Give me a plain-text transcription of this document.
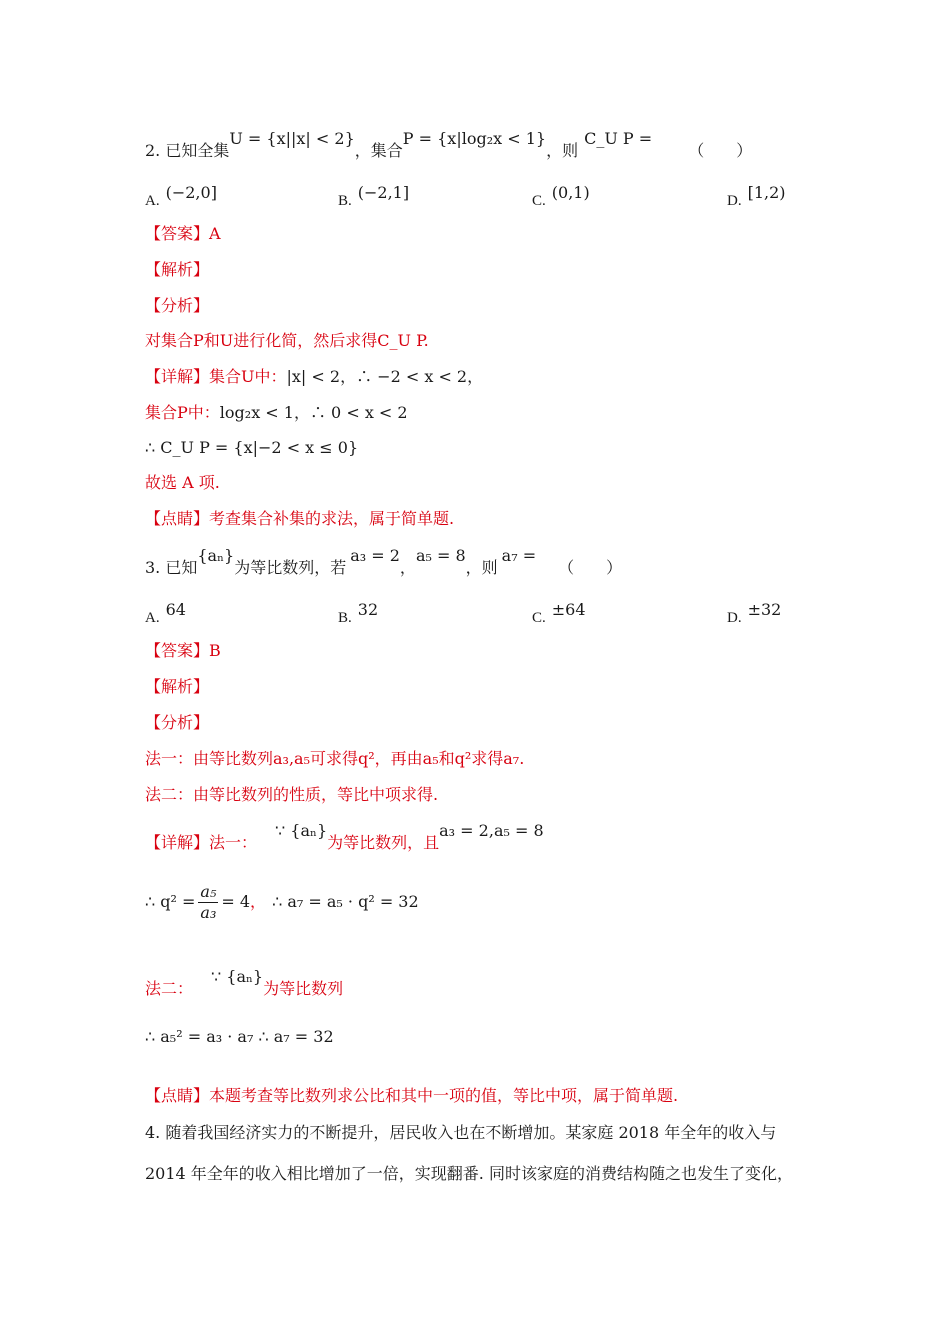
2. 已知全集U = {x||x| < 2}，集合P = {x|log₂x < 1}，则C_U P =（　　）
A. (−2,0]	B. (−2,1]	C. (0,1)	D. [1,2)
【答案】A
【解析】
【分析】
对集合P和U进行化简，然后求得C_U P.
【详解】集合U中：|x| < 2，∴ −2 < x < 2，
集合P中：log₂x < 1，∴ 0 < x < 2
∴ C_U P = {x|−2 < x ≤ 0}
故选 A 项.
【点睛】考查集合补集的求法，属于简单题.
3. 已知{aₙ}为等比数列，若a₃ = 2，a₅ = 8，则a₇ =（　　）
A. 64	B. 32	C. ±64	D. ±32
【答案】B
【解析】
【分析】
法一：由等比数列a₃,a₅可求得q²，再由a₅和q²求得a₇.
法二：由等比数列的性质，等比中项求得.
【详解】法一：∵ {aₙ}为等比数列，且a₃ = 2,a₅ = 8
∴ $q^2 = \frac{\text{a₅}}{\text{a₃}} = 4$， ∴ a₇ = a₅ · q² = 32
法二：∵ {aₙ}为等比数列
∴ a₅² = a₃ · a₇ ∴ a₇ = 32
【点睛】本题考查等比数列求公比和其中一项的值，等比中项，属于简单题.
4. 随着我国经济实力的不断提升，居民收入也在不断增加。某家庭 2018 年全年的收入与
2014 年全年的收入相比增加了一倍，实现翻番. 同时该家庭的消费结构随之也发生了变化，
